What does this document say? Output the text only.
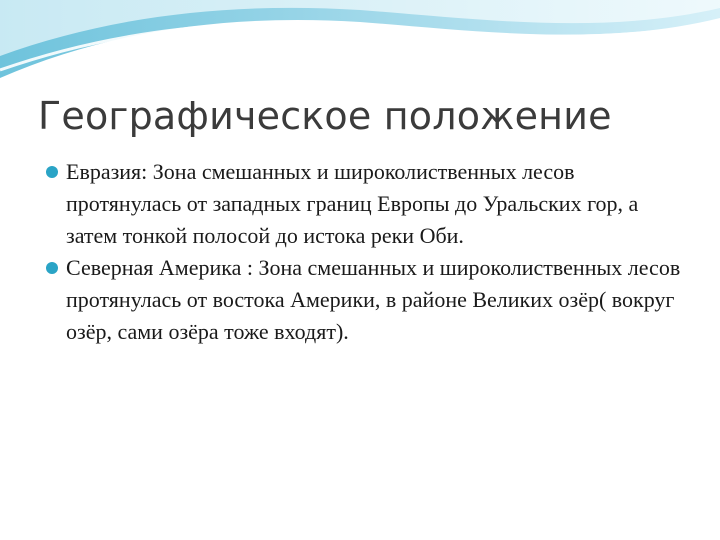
Географическое положение
Евразия: Зона смешанных и широколиственных лесов протянулась от западных границ Европы до Уральских гор, а затем тонкой полосой до истока реки Оби.
Северная Америка : Зона смешанных и широколиственных лесов протянулась от востока Америки, в районе Великих озёр( вокруг озёр, сами озёра тоже входят).
